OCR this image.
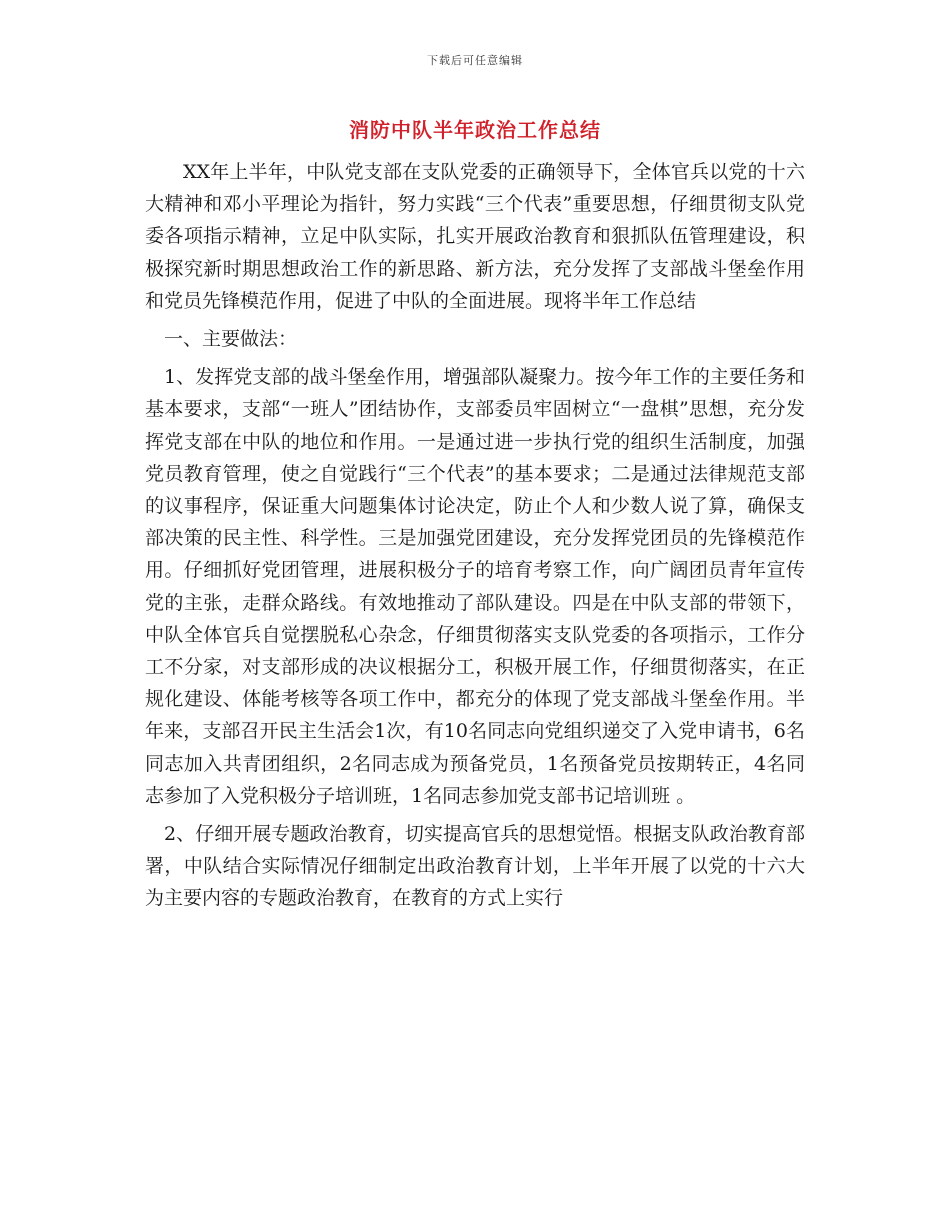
下载后可任意编辑
消防中队半年政治工作总结

XX年上半年，中队党支部在支队党委的正确领导下，全体官兵以党的十六大精神和邓小平理论为指针，努力实践“三个代表”重要思想，仔细贯彻支队党委各项指示精神，立足中队实际，扎实开展政治教育和狠抓队伍管理建设，积极探究新时期思想政治工作的新思路、新方法，充分发挥了支部战斗堡垒作用和党员先锋模范作用，促进了中队的全面进展。现将半年工作总结

一、主要做法：

1、发挥党支部的战斗堡垒作用，增强部队凝聚力。按今年工作的主要任务和基本要求，支部“一班人”团结协作，支部委员牢固树立“一盘棋”思想，充分发挥党支部在中队的地位和作用。一是通过进一步执行党的组织生活制度，加强党员教育管理，使之自觉践行“三个代表”的基本要求；二是通过法律规范支部的议事程序，保证重大问题集体讨论决定，防止个人和少数人说了算，确保支部决策的民主性、科学性。三是加强党团建设，充分发挥党团员的先锋模范作用。仔细抓好党团管理，进展积极分子的培育考察工作，向广阔团员青年宣传党的主张，走群众路线。有效地推动了部队建设。四是在中队支部的带领下，中队全体官兵自觉摆脱私心杂念，仔细贯彻落实支队党委的各项指示，工作分工不分家，对支部形成的决议根据分工，积极开展工作，仔细贯彻落实，在正规化建设、体能考核等各项工作中，都充分的体现了党支部战斗堡垒作用。半年来，支部召开民主生活会1次，有10名同志向党组织递交了入党申请书，6名同志加入共青团组织，2名同志成为预备党员，1名预备党员按期转正，4名同志参加了入党积极分子培训班，1名同志参加党支部书记培训班 。

2、仔细开展专题政治教育，切实提高官兵的思想觉悟。根据支队政治教育部署，中队结合实际情况仔细制定出政治教育计划，上半年开展了以党的十六大为主要内容的专题政治教育，在教育的方式上实行
